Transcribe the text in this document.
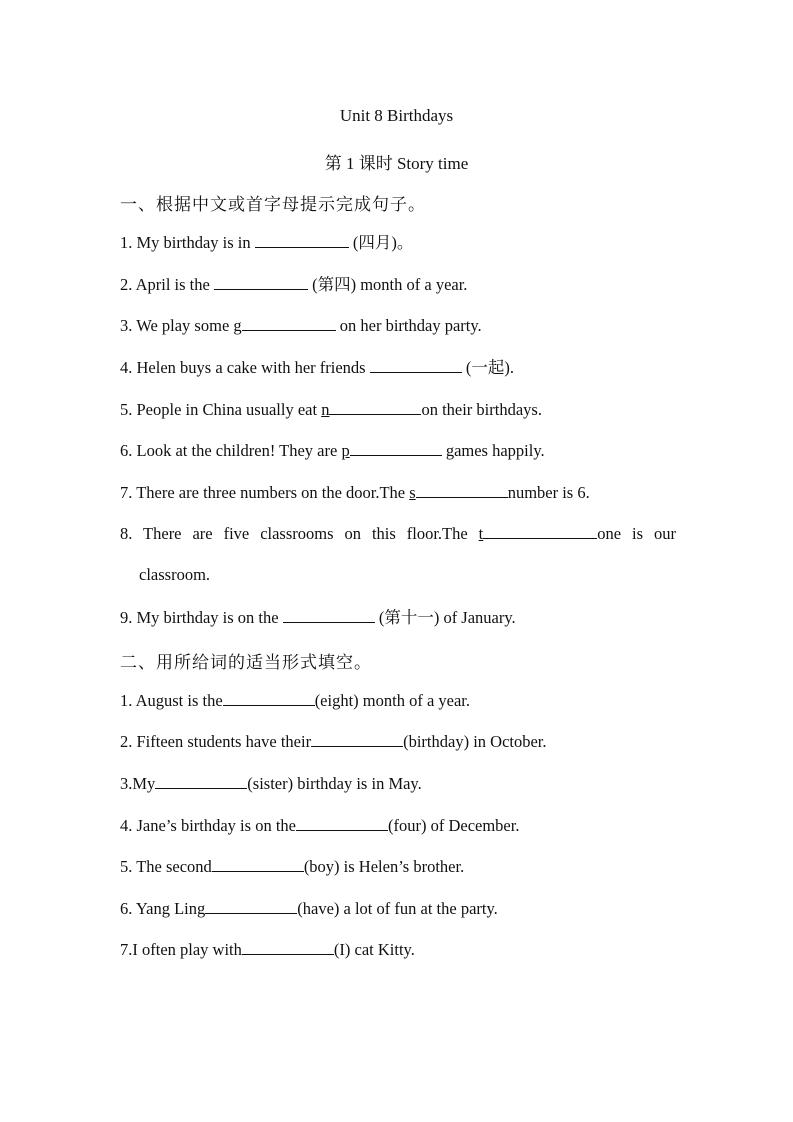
Unit 8 Birthdays
第 1 课时 Story time
一、根据中文或首字母提示完成句子。
1. My birthday is in	(四月)。
2. April is the	(第四) month of a year.
3. We play some g	on her birthday party.
4. Helen buys a cake with her friends	(一起).
5. People in China usually eat n	on their birthdays.
6. Look at the children! They are p	games happily.
7. There are three numbers on the door.The s	number is 6.
8. There are five classrooms on this floor.The t	one is our
classroom.
9. My birthday is on the	(第十一) of January.
二、用所给词的适当形式填空。
1. August is the	(eight) month of a year.
2. Fifteen students have their	(birthday) in October.
3.My	(sister) birthday is in May.
4. Jane’s birthday is on the	(four) of December.
5. The second	(boy) is Helen’s brother.
6. Yang Ling	(have) a lot of fun at the party.
7.I often play with	(I) cat Kitty.
